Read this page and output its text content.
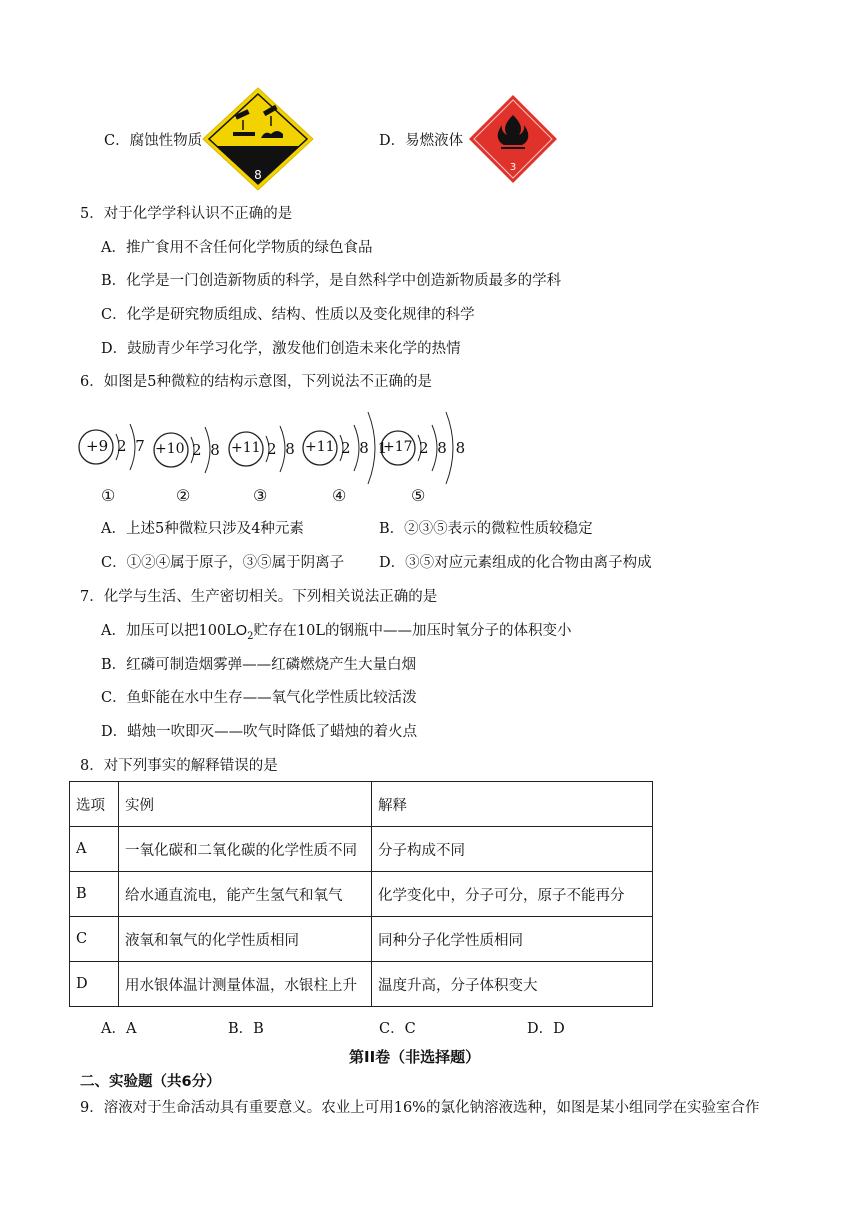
C．腐蚀性物质
8
D．易燃液体
3
5．对于化学学科认识不正确的是
A．推广食用不含任何化学物质的绿色食品
B．化学是一门创造新物质的科学，是自然科学中创造新物质最多的学科
C．化学是研究物质组成、结构、性质以及变化规律的科学
D．鼓励青少年学习化学，激发他们创造未来化学的热情
6．如图是5种微粒的结构示意图，下列说法不正确的是
+9 2 7 +10 2 8 +11 2 8 +11 2 8 1
+17 2 8 8
①	②	③	④	⑤
A．上述5种微粒只涉及4种元素	B．②③⑤表示的微粒性质较稳定
C．①②④属于原子，③⑤属于阴离子 D．③⑤对应元素组成的化合物由离子构成
7．化学与生活、生产密切相关。下列相关说法正确的是
A．加压可以把$100LO_2$贮存在10L的钢瓶中——加压时氧分子的体积变小
B．红磷可制造烟雾弹——红磷燃烧产生大量白烟
C．鱼虾能在水中生存——氧气化学性质比较活泼
D．蜡烛一吹即灭——吹气时降低了蜡烛的着火点
8．对下列事实的解释错误的是
选项	实例	解释
A	一氧化碳和二氧化碳的化学性质不同	分子构成不同
B	给水通直流电，能产生氢气和氧气	化学变化中，分子可分，原子不能再分
C	液氧和氧气的化学性质相同	同种分子化学性质相同
D	用水银体温计测量体温，水银柱上升	温度升高，分子体积变大
A．A	B．B	C．C	D．D
第II卷（非选择题）
二、实验题（共6分）
9．溶液对于生命活动具有重要意义。农业上可用16%的氯化钠溶液选种，如图是某小组同学在实验室合作
